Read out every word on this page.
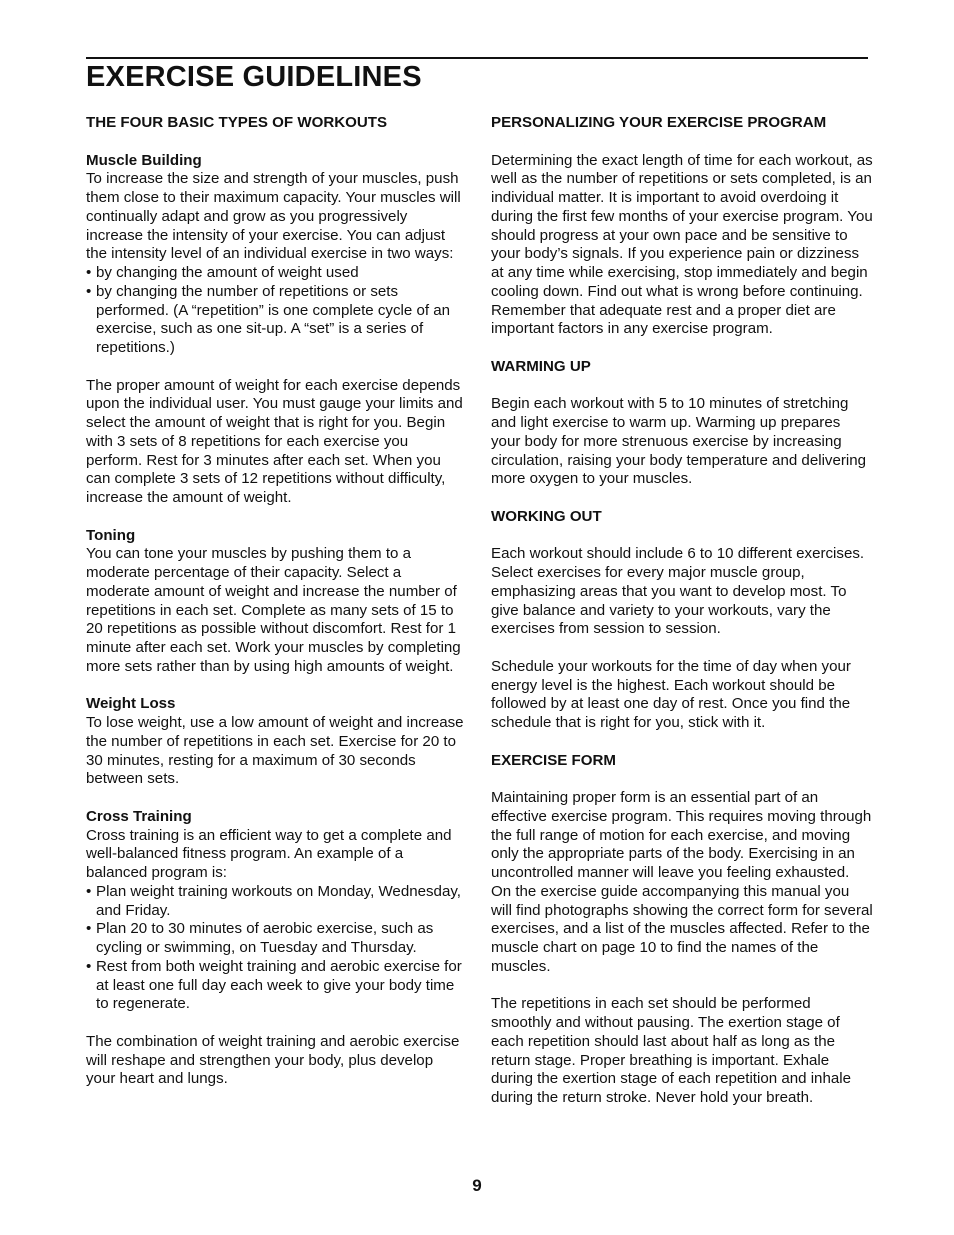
EXERCISE GUIDELINES
THE FOUR BASIC TYPES OF WORKOUTS
Muscle Building

To increase the size and strength of your muscles, push them close to their maximum capacity. Your muscles will continually adapt and grow as you progressively increase the intensity of your exercise. You can adjust the intensity level of an individual exercise in two ways:

• by changing the amount of weight used
• by changing the number of repetitions or sets performed. (A “repetition” is one complete cycle of an exercise, such as one sit-up. A “set” is a series of repetitions.)

The proper amount of weight for each exercise depends upon the individual user. You must gauge your limits and select the amount of weight that is right for you. Begin with 3 sets of 8 repetitions for each exercise you perform. Rest for 3 minutes after each set. When you can complete 3 sets of 12 repetitions without difficulty, increase the amount of weight.

Toning

You can tone your muscles by pushing them to a moderate percentage of their capacity. Select a moderate amount of weight and increase the number of repetitions in each set. Complete as many sets of 15 to 20 repetitions as possible without discomfort. Rest for 1 minute after each set. Work your muscles by completing more sets rather than by using high amounts of weight.

Weight Loss

To lose weight, use a low amount of weight and increase the number of repetitions in each set. Exercise for 20 to 30 minutes, resting for a maximum of 30 seconds between sets.

Cross Training

Cross training is an efficient way to get a complete and well-balanced fitness program. An example of a balanced program is:

• Plan weight training workouts on Monday, Wednesday, and Friday.
• Plan 20 to 30 minutes of aerobic exercise, such as cycling or swimming, on Tuesday and Thursday.
• Rest from both weight training and aerobic exercise for at least one full day each week to give your body time to regenerate.

The combination of weight training and aerobic exercise will reshape and strengthen your body, plus develop your heart and lungs.

PERSONALIZING YOUR EXERCISE PROGRAM

Determining the exact length of time for each workout, as well as the number of repetitions or sets completed, is an individual matter. It is important to avoid overdoing it during the first few months of your exercise program. You should progress at your own pace and be sensitive to your body’s signals. If you experience pain or dizziness at any time while exercising, stop immediately and begin cooling down. Find out what is wrong before continuing. Remember that adequate rest and a proper diet are important factors in any exercise program.

WARMING UP

Begin each workout with 5 to 10 minutes of stretching and light exercise to warm up. Warming up prepares your body for more strenuous exercise by increasing circulation, raising your body temperature and delivering more oxygen to your muscles.

WORKING OUT

Each workout should include 6 to 10 different exercises. Select exercises for every major muscle group, emphasizing areas that you want to develop most. To give balance and variety to your workouts, vary the exercises from session to session.

Schedule your workouts for the time of day when your energy level is the highest. Each workout should be followed by at least one day of rest. Once you find the schedule that is right for you, stick with it.

EXERCISE FORM

Maintaining proper form is an essential part of an effective exercise program. This requires moving through the full range of motion for each exercise, and moving only the appropriate parts of the body. Exercising in an uncontrolled manner will leave you feeling exhausted. On the exercise guide accompanying this manual you will find photographs showing the correct form for several exercises, and a list of the muscles affected. Refer to the muscle chart on page 10 to find the names of the muscles.

The repetitions in each set should be performed smoothly and without pausing. The exertion stage of each repetition should last about half as long as the return stage. Proper breathing is important. Exhale during the exertion stage of each repetition and inhale during the return stroke. Never hold your breath.

9
